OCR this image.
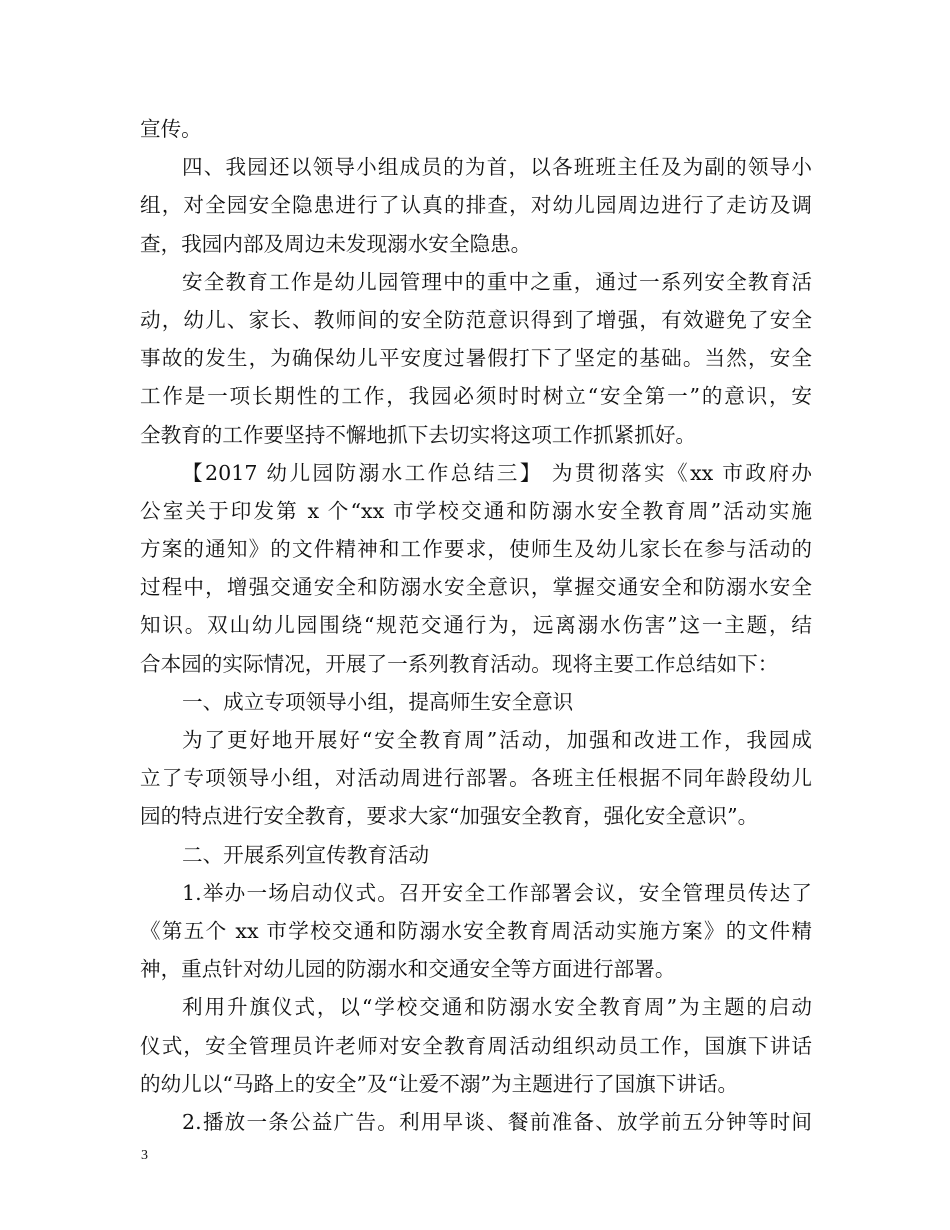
宣传。
四、我园还以领导小组成员的为首，以各班班主任及为副的领导小
组，对全园安全隐患进行了认真的排查，对幼儿园周边进行了走访及调
查，我园内部及周边未发现溺水安全隐患。
安全教育工作是幼儿园管理中的重中之重，通过一系列安全教育活
动，幼儿、家长、教师间的安全防范意识得到了增强，有效避免了安全
事故的发生，为确保幼儿平安度过暑假打下了坚定的基础。当然，安全
工作是一项长期性的工作，我园必须时时树立“安全第一”的意识，安
全教育的工作要坚持不懈地抓下去切实将这项工作抓紧抓好。
【2017 幼儿园防溺水工作总结三】 为贯彻落实《xx 市政府办
公室关于印发第 x 个“xx 市学校交通和防溺水安全教育周”活动实施
方案的通知》的文件精神和工作要求，使师生及幼儿家长在参与活动的
过程中，增强交通安全和防溺水安全意识，掌握交通安全和防溺水安全
知识。双山幼儿园围绕“规范交通行为，远离溺水伤害”这一主题，结
合本园的实际情况，开展了一系列教育活动。现将主要工作总结如下：
一、成立专项领导小组，提高师生安全意识
为了更好地开展好“安全教育周”活动，加强和改进工作，我园成
立了专项领导小组，对活动周进行部署。各班主任根据不同年龄段幼儿
园的特点进行安全教育，要求大家“加强安全教育，强化安全意识”。
二、开展系列宣传教育活动
1.举办一场启动仪式。召开安全工作部署会议，安全管理员传达了
《第五个 xx 市学校交通和防溺水安全教育周活动实施方案》的文件精
神，重点针对幼儿园的防溺水和交通安全等方面进行部署。
利用升旗仪式，以“学校交通和防溺水安全教育周”为主题的启动
仪式，安全管理员许老师对安全教育周活动组织动员工作，国旗下讲话
的幼儿以“马路上的安全”及“让爱不溺”为主题进行了国旗下讲话。
2.播放一条公益广告。利用早谈、餐前准备、放学前五分钟等时间
3
